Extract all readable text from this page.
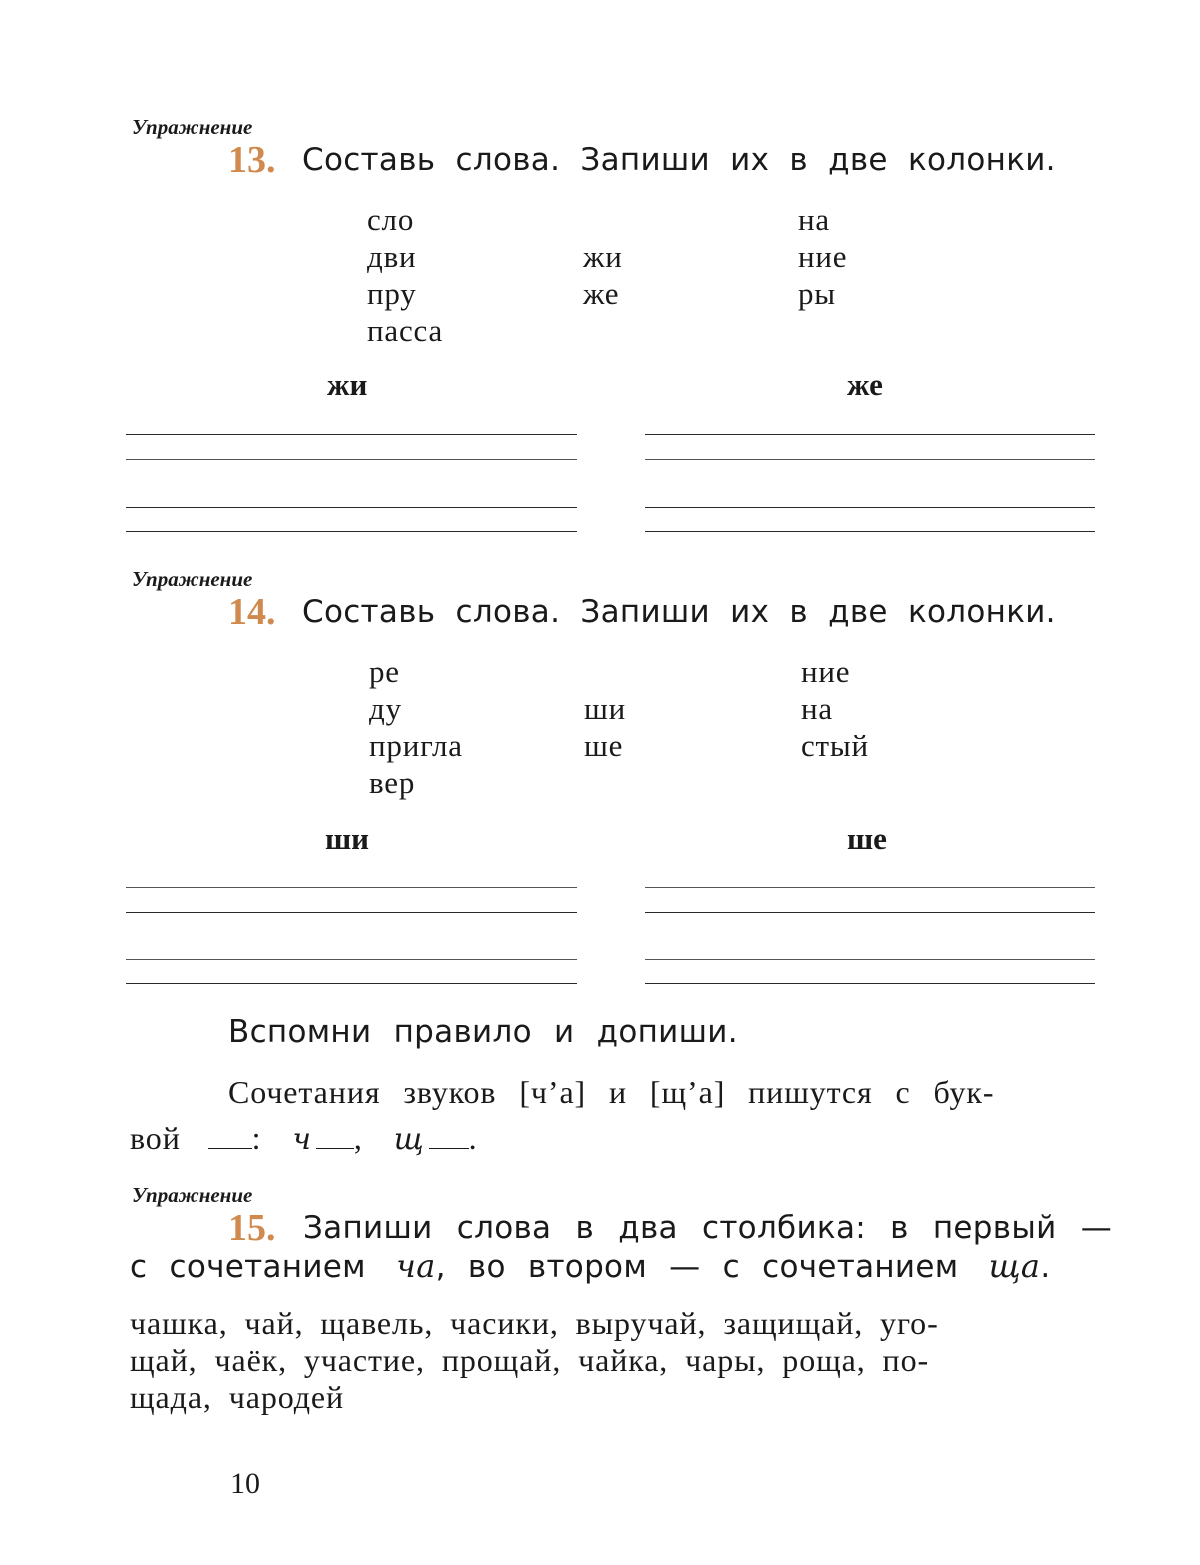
Упражнение
13. Составь слова. Запиши их в две колонки.
сло
дви
пру
пасса
жи
же
на
ние
ры
жи	же
Упражнение
14. Составь слова. Запиши их в две колонки.
ре
ду
пригла
вер
ши
ше
ние
на
стый
ши	ше
Вспомни правило и допиши.
Сочетания звуков [ч’а] и [щ’а] пишутся с бук-
вой : ч , щ .
Упражнение
15. Запиши слова в два столбика: в первый —
с сочетанием ча, во втором — с сочетанием ща.
чашка, чай, щавель, часики, выручай, защищай, уго-
щай, чаёк, участие, прощай, чайка, чары, роща, по-
щада, чародей
10
